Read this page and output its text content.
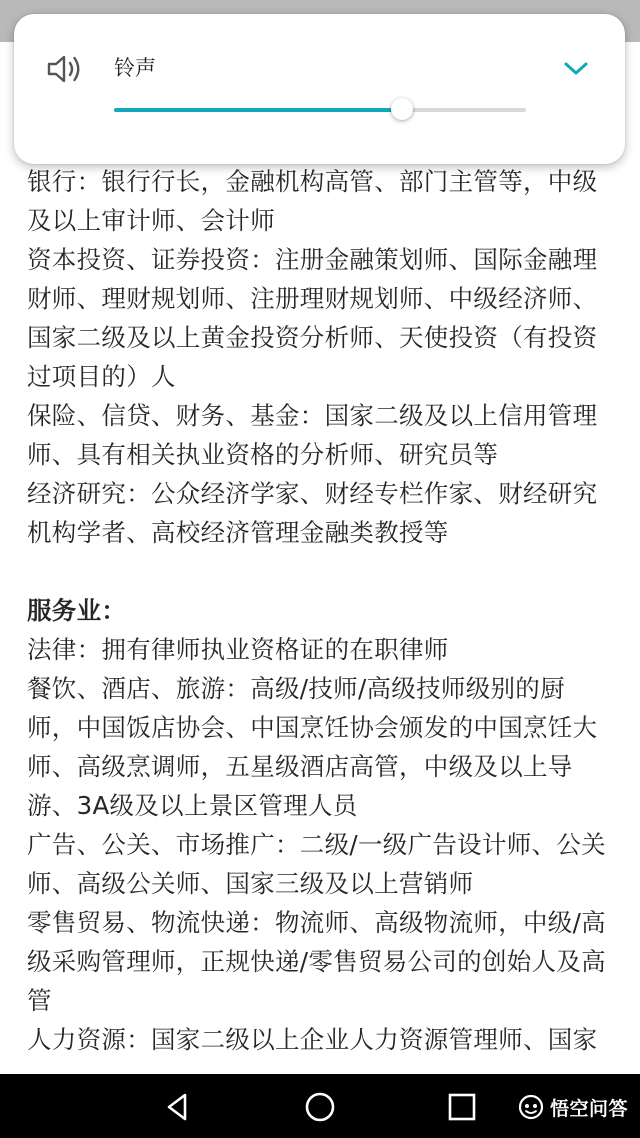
银行：银行行长，金融机构高管、部门主管等，中级

及以上审计师、会计师

资本投资、证券投资：注册金融策划师、国际金融理

财师、理财规划师、注册理财规划师、中级经济师、

国家二级及以上黄金投资分析师、天使投资（有投资

过项目的）人

保险、信贷、财务、基金：国家二级及以上信用管理

师、具有相关执业资格的分析师、研究员等

经济研究：公众经济学家、财经专栏作家、财经研究

机构学者、高校经济管理金融类教授等

服务业：

法律：拥有律师执业资格证的在职律师

餐饮、酒店、旅游：高级/技师/高级技师级别的厨

师，中国饭店协会、中国烹饪协会颁发的中国烹饪大

师、高级烹调师，五星级酒店高管，中级及以上导

游、3A级及以上景区管理人员

广告、公关、市场推广：二级/一级广告设计师、公关

师、高级公关师、国家三级及以上营销师

零售贸易、物流快递：物流师、高级物流师，中级/高

级采购管理师，正规快递/零售贸易公司的创始人及高

管

人力资源：国家二级以上企业人力资源管理师、国家

铃声
悟空问答
